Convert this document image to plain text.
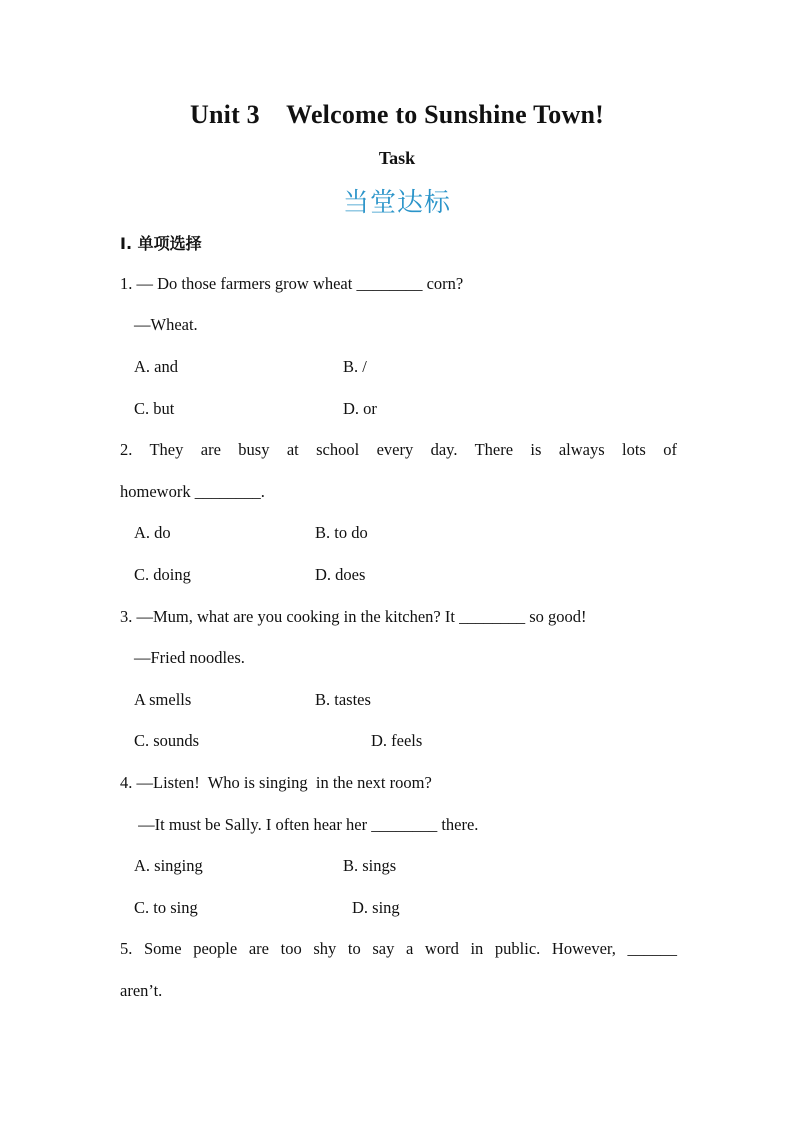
Unit 3    Welcome to Sunshine Town!
Task
当堂达标
Ⅰ. 单项选择
1. — Do those farmers grow wheat ________ corn?
—Wheat.
A. and	B. /
C. but	D. or
2. They are busy at school every day. There is always lots of
homework ________.
A. do	B. to do
C. doing	D. does
3. —Mum, what are you cooking in the kitchen? It ________ so good!
—Fried noodles.
A smells	B. tastes
C. sounds	D. feels
4. —Listen!  Who is singing  in the next room?
—It must be Sally. I often hear her ________ there.
A. singing	B. sings
C. to sing	D. sing
5. Some people are too shy to say a word in public. However, ______
aren’t.
